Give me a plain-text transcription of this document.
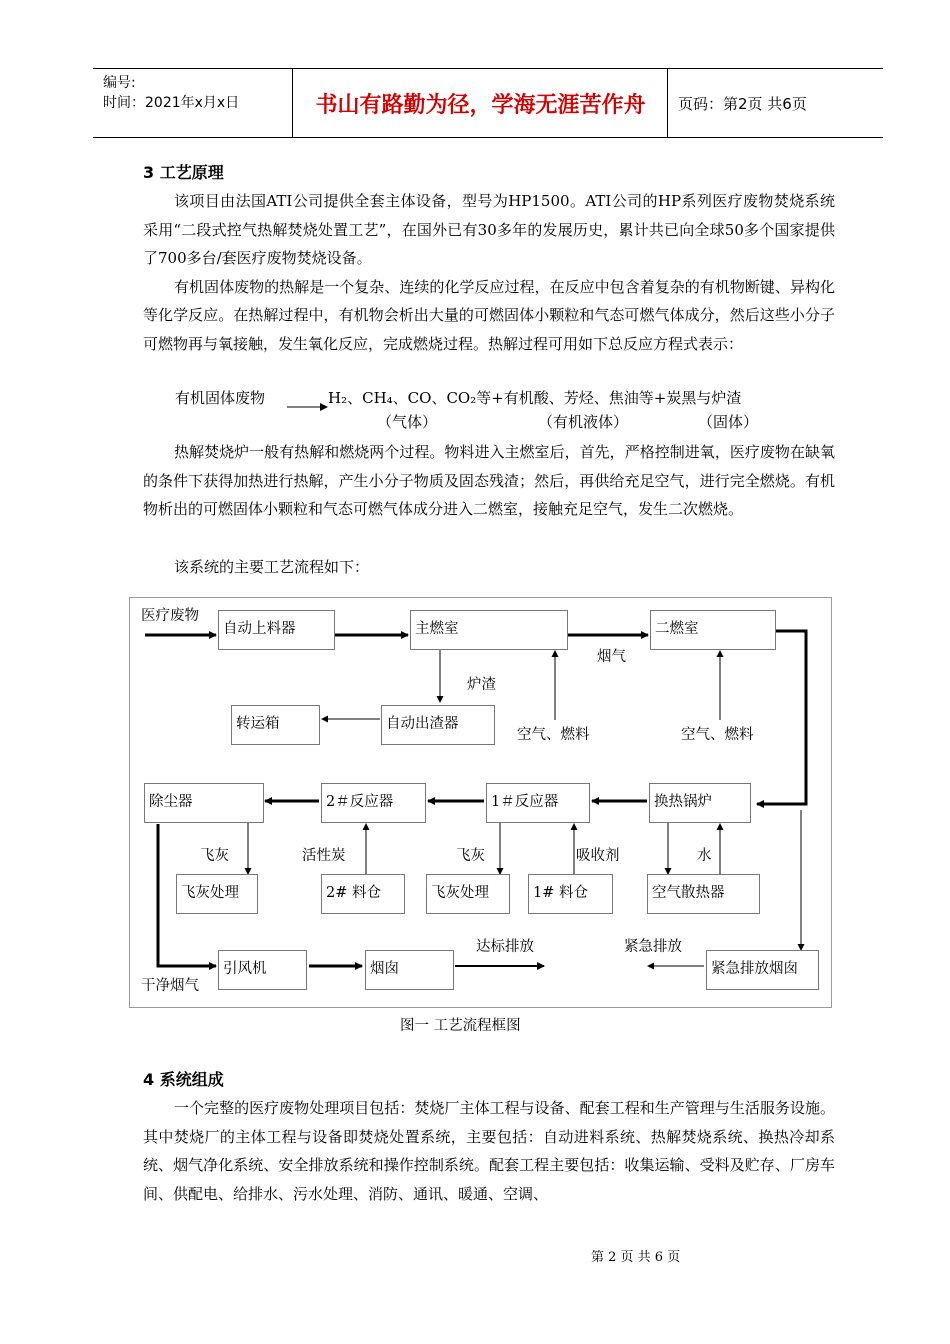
编号:
时间：2021年x月x日	书山有路勤为径，学海无涯苦作舟	页码：第2页 共6页
3 工艺原理

该项目由法国ATI公司提供全套主体设备，型号为HP1500。ATI公司的HP系列医疗废物焚烧系统采用“二段式控气热解焚烧处置工艺”，在国外已有30多年的发展历史，累计共已向全球50多个国家提供了700多台/套医疗废物焚烧设备。

有机固体废物的热解是一个复杂、连续的化学反应过程，在反应中包含着复杂的有机物断键、异构化等化学反应。在热解过程中，有机物会析出大量的可燃固体小颗粒和气态可燃气体成分，然后这些小分子可燃物再与氧接触，发生氧化反应，完成燃烧过程。热解过程可用如下总反应方程式表示：

有机固体废物	H₂、CH₄、CO、CO₂等+有机酸、芳烃、焦油等+炭黑与炉渣
（气体）	（有机液体）	（固体）

热解焚烧炉一般有热解和燃烧两个过程。物料进入主燃室后，首先，严格控制进氧，医疗废物在缺氧的条件下获得加热进行热解，产生小分子物质及固态残渣；然后，再供给充足空气，进行完全燃烧。有机物析出的可燃固体小颗粒和气态可燃气体成分进入二燃室，接触充足空气，发生二次燃烧。

该系统的主要工艺流程如下：

医疗废物
自动上料器	主燃室
烟气
二燃室
炉渣
空气、燃料	空气、燃料
转运箱	自动出渣器
除尘器	2＃反应器	1＃反应器	换热锅炉
飞灰	活性炭	飞灰	吸收剂	水
飞灰处理	2# 料仓	飞灰处理	1# 料仓	空气散热器
干净烟气
引风机	烟囱
达标排放	紧急排放
紧急排放烟囱
图一 工艺流程框图
4 系统组成

一个完整的医疗废物处理项目包括：焚烧厂主体工程与设备、配套工程和生产管理与生活服务设施。其中焚烧厂的主体工程与设备即焚烧处置系统，主要包括：自动进料系统、热解焚烧系统、换热冷却系统、烟气净化系统、安全排放系统和操作控制系统。配套工程主要包括：收集运输、受料及贮存、厂房车间、供配电、给排水、污水处理、消防、通讯、暖通、空调、

第 2 页 共 6 页
